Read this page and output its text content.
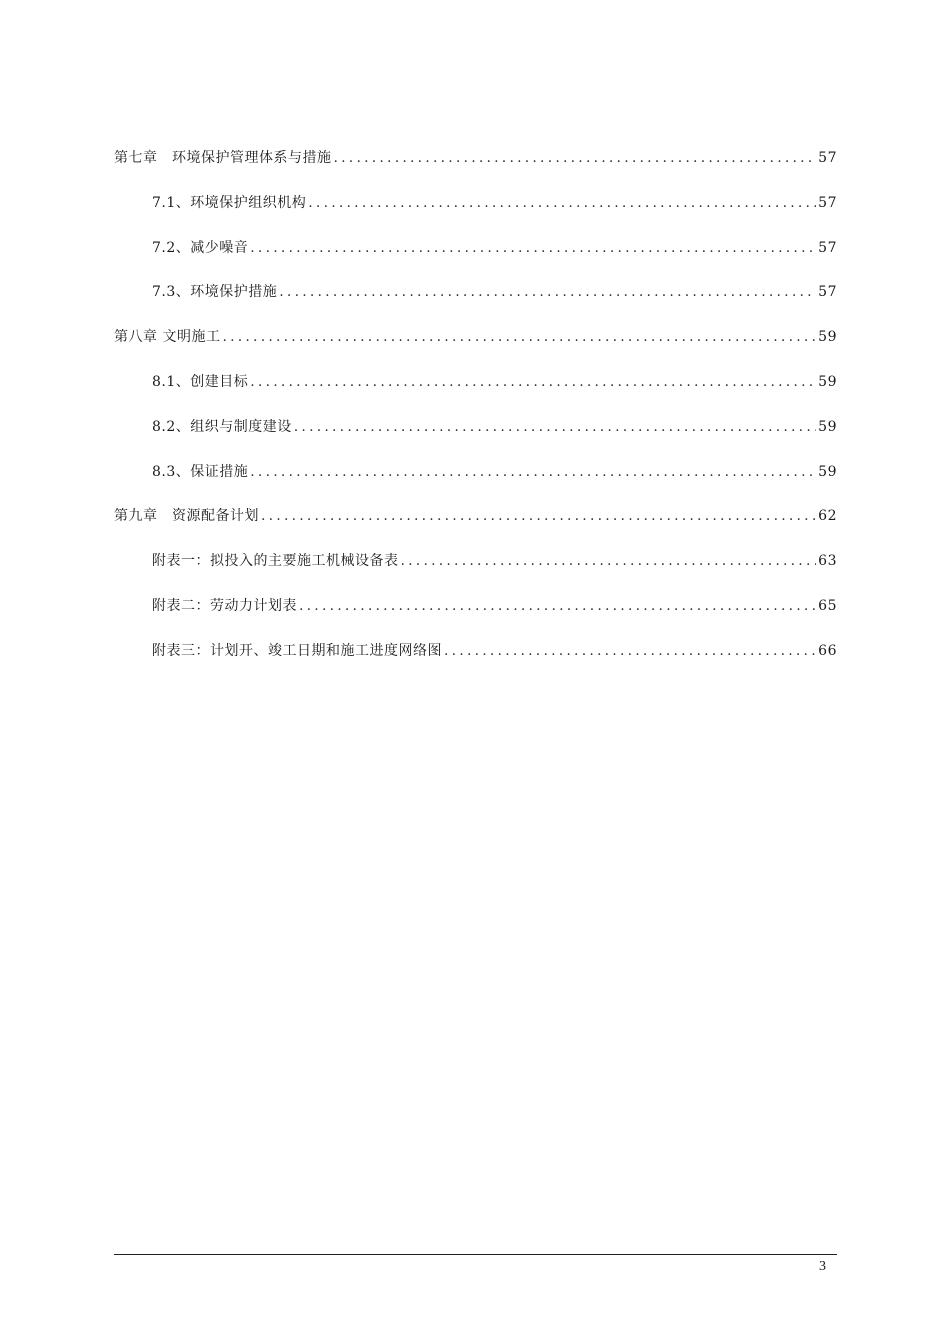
第七章　环境保护管理体系与措施 .....	57
7.1、环境保护组织机构 .....	57
7.2、减少噪音 .....	57
7.3、环境保护措施 .....	57
第八章 文明施工 .....	59
8.1、创建目标 .....	59
8.2、组织与制度建设 .....	59
8.3、保证措施 .....	59
第九章　资源配备计划 .....	62
附表一：拟投入的主要施工机械设备表 .....	63
附表二：劳动力计划表 .....	65
附表三：计划开、竣工日期和施工进度网络图 .....	66
3
